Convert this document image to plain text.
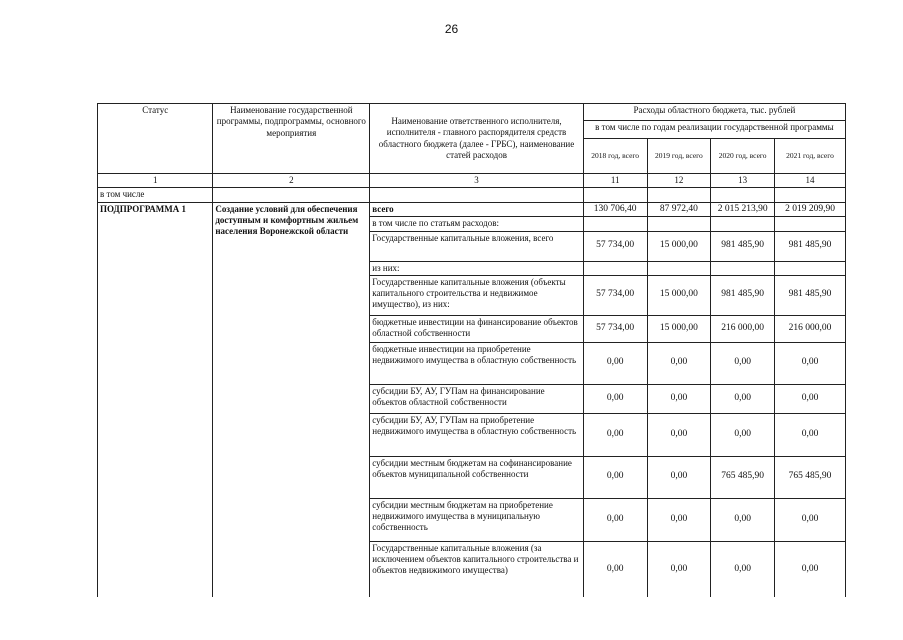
26
Статус	Наименование государственной программы, подпрограммы, основного мероприятия	Наименование ответственного исполнителя, исполнителя - главного распорядителя средств областного бюджета (далее - ГРБС), наименование статей расходов	Расходы областного бюджета, тыс. рублей			
			в том числе по годам реализации государственной программы			
			2018 год, всего	2019 год, всего	2020 год, всего	2021 год, всего
1	2	3	11	12	13	14
в том числе						
ПОДПРОГРАММА 1	Создание условий для обеспечения доступным и комфортным жильем населения Воронежской области	всего	130 706,40	87 972,40	2 015 213,90	2 019 209,90
		в том числе по статьям расходов:				
		Государственные капитальные вложения, всего	57 734,00	15 000,00	981 485,90	981 485,90
		из них:				
		Государственные капитальные вложения (объекты капитального строительства и недвижимое имущество), из них:	57 734,00	15 000,00	981 485,90	981 485,90
		бюджетные инвестиции на финансирование объектов областной собственности	57 734,00	15 000,00	216 000,00	216 000,00
		бюджетные инвестиции на приобретение недвижимого имущества в областную собственность	0,00	0,00	0,00	0,00
		субсидии БУ, АУ, ГУПам на финансирование объектов областной собственности	0,00	0,00	0,00	0,00
		субсидии БУ, АУ, ГУПам на приобретение недвижимого имущества в областную собственность	0,00	0,00	0,00	0,00
		субсидии местным бюджетам на софинансирование объектов муниципальной собственности	0,00	0,00	765 485,90	765 485,90
		субсидии местным бюджетам на приобретение недвижимого имущества в муниципальную собственность	0,00	0,00	0,00	0,00
		Государственные капитальные вложения (за исключением объектов капитального строительства и объектов недвижимого имущества)	0,00	0,00	0,00	0,00
